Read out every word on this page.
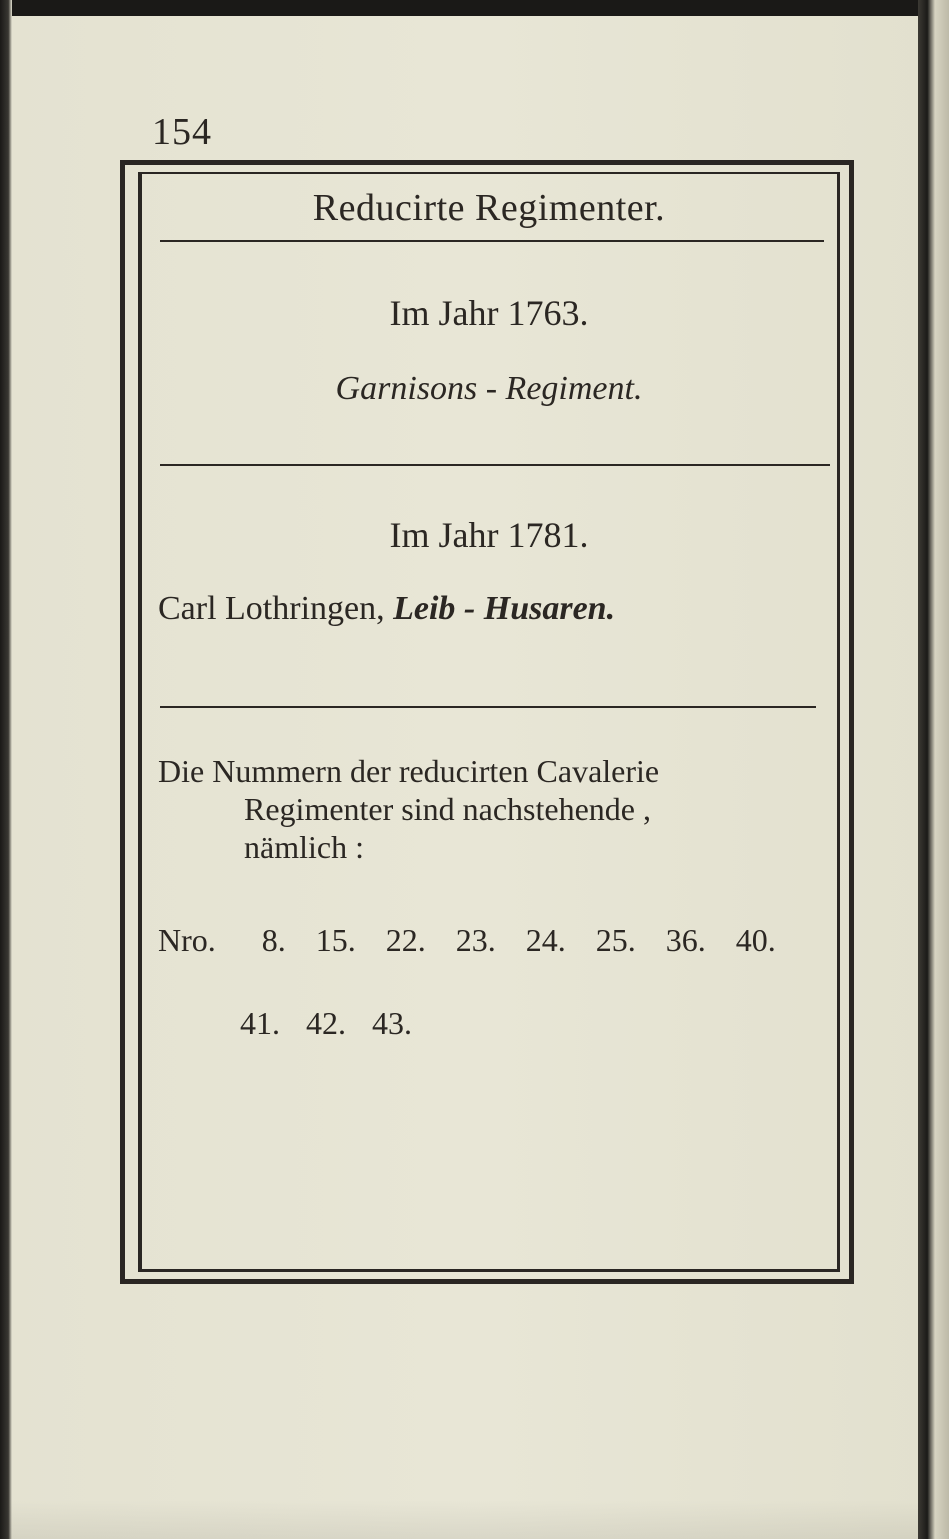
154
Reducirte Regimenter.
Im Jahr 1763.
Garnisons - Regiment.
Im Jahr 1781.
Carl Lothringen, Leib - Husaren.
Die Nummern der reducirten Cavalerie
Regimenter sind nachstehende ,
nämlich :
Nro. 8. 15. 22. 23. 24. 25. 36. 40.
41. 42. 43.
